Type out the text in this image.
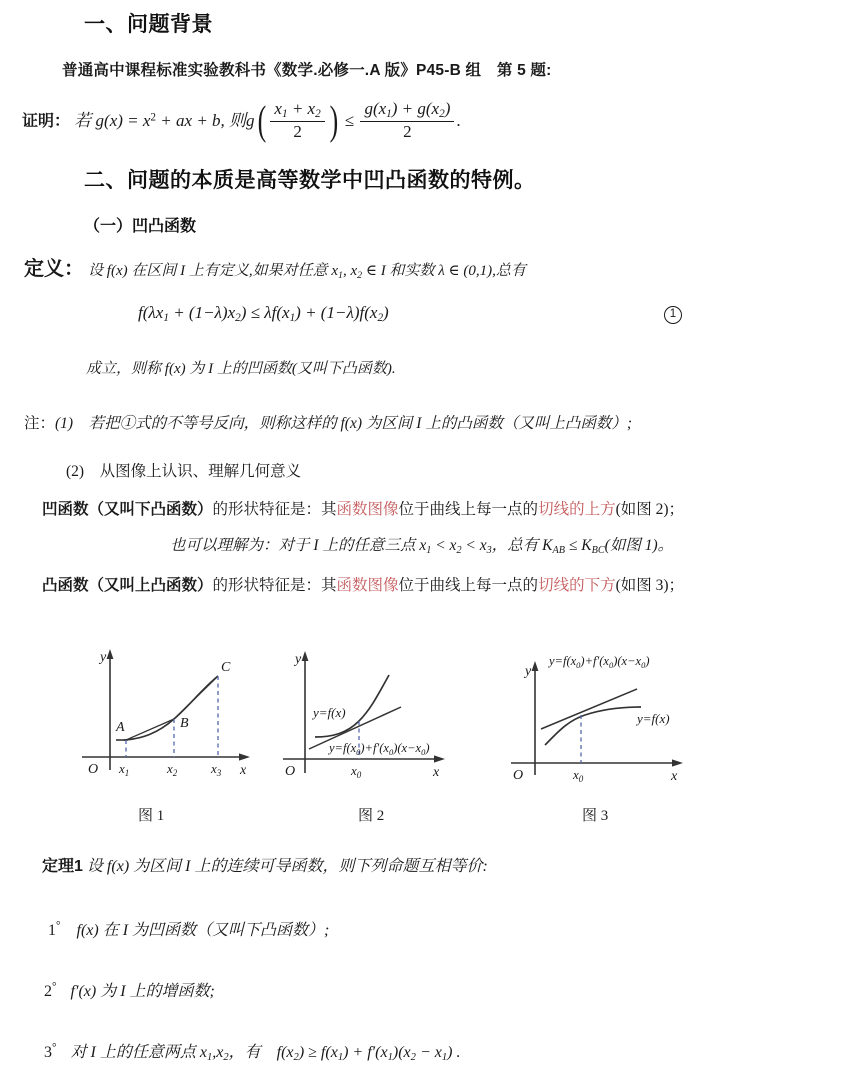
一、问题背景
普通高中课程标准实验教科书《数学.必修一.A 版》P45-B 组　第 5 题:
证明： 若 $g(x) = x^2$ + ax + b, 则$g( \frac{x_1 + x_2}{2}$ ) ≤ $\frac{g(x_1) + g(x_2)}{2}$ .
二、问题的本质是高等数学中凹凸函数的特例。
（一）凹凸函数
定义： 设 f(x) 在区间 I 上有定义,如果对任意 $x_1$, $x_2$ ∈ I 和实数 λ ∈ (0,1),总有
$f(\lambda x_1 + (1-\lambda)x_2) \le \lambda f(x_1) + (1-\lambda)f(x_2)$	1
成立，则称 f(x) 为 I 上的凹函数(又叫下凸函数).
注：(1)　若把①式的不等号反向，则称这样的 f(x) 为区间 I 上的凸函数（又叫上凸函数）;
(2)　从图像上认识、理解几何意义
凹函数（又叫下凸函数）的形状特征是：其函数图像位于曲线上每一点的切线的上方(如图 2)；
也可以理解为：对于 I 上的任意三点 $x_1 < x_2 < x_3$，总有 $K_{AB} \le K_{BC}$(如图 1)。
凸函数（又叫上凸函数）的形状特征是：其函数图像位于曲线上每一点的切线的下方(如图 3)；
y
x
O
A	B
C
$x_1$	$x_2$	$x_3$
图 1
y
x
O	$x_0$
y=f(x)
$y=f(x_0)+f'(x_0)(x-x_0)$
图 2
y
x
O	$x_0$
$y=f(x_0)+f'(x_0)(x-x_0)$
y=f(x)
图 3
定理1 设 f(x) 为区间 I 上的连续可导函数，则下列命题互相等价:
1° f(x) 在 I 为凹函数（又叫下凸函数）;
2° f′(x) 为 I 上的增函数;
3° 对 I 上的任意两点 $x_1,x_2$，有　$f(x_2) \ge f(x_1) + f'(x_1)(x_2 - x_1)$ .
